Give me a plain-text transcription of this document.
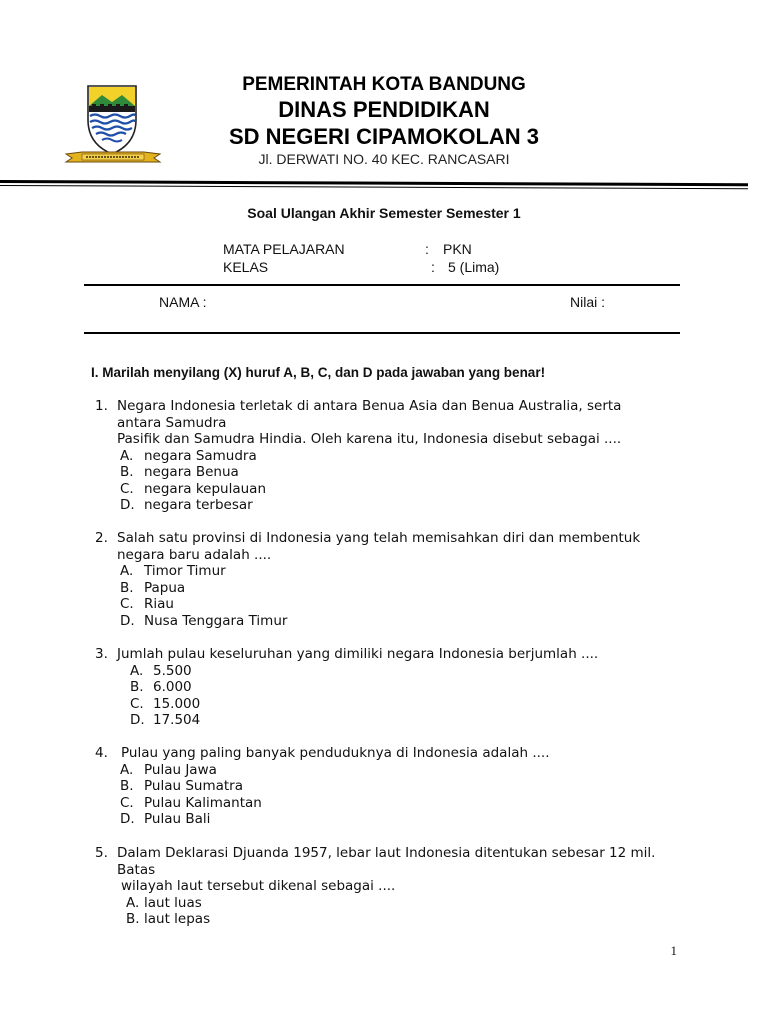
PEMERINTAH KOTA BANDUNG
DINAS PENDIDIKAN
SD NEGERI CIPAMOKOLAN 3
Jl. DERWATI NO. 40 KEC. RANCASARI
Soal Ulangan Akhir Semester Semester 1
MATA PELAJARAN	: PKN
KELAS	: 5 (Lima)
NAMA :	Nilai :
I. Marilah menyilang (X) huruf A, B, C, dan D pada jawaban yang benar!
1. Negara Indonesia terletak di antara Benua Asia dan Benua Australia, serta
antara Samudra
Pasifik dan Samudra Hindia. Oleh karena itu, Indonesia disebut sebagai ....
A. negara Samudra
B. negara Benua
C. negara kepulauan
D. negara terbesar
2. Salah satu provinsi di Indonesia yang telah memisahkan diri dan membentuk
negara baru adalah ....
A. Timor Timur
B. Papua
C. Riau
D. Nusa Tenggara Timur
3. Jumlah pulau keseluruhan yang dimiliki negara Indonesia berjumlah ....
A. 5.500
B. 6.000
C. 15.000
D. 17.504
4. Pulau yang paling banyak penduduknya di Indonesia adalah ....
A. Pulau Jawa
B. Pulau Sumatra
C. Pulau Kalimantan
D. Pulau Bali
5. Dalam Deklarasi Djuanda 1957, lebar laut Indonesia ditentukan sebesar 12 mil.
Batas
wilayah laut tersebut dikenal sebagai ....
A. laut luas
B. laut lepas
1
